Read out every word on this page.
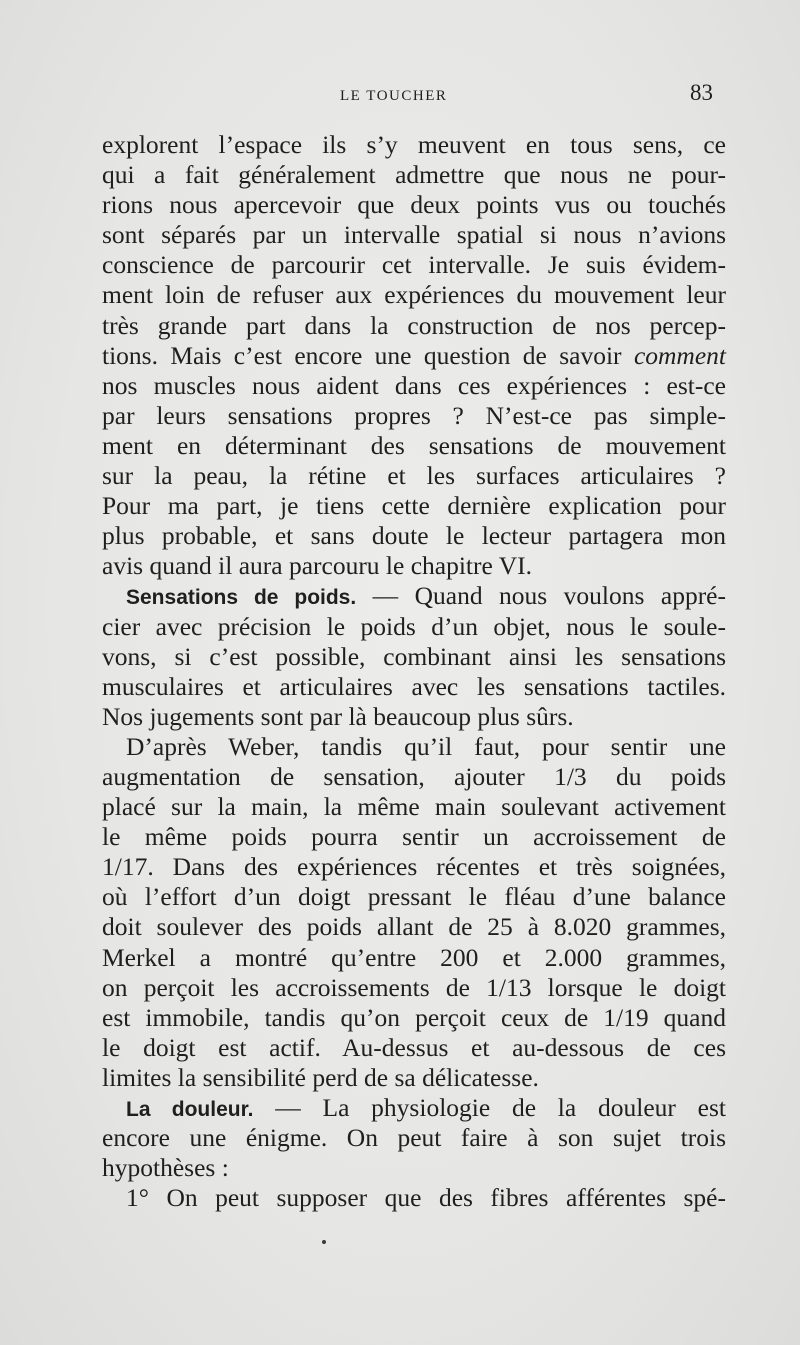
LE TOUCHER	83
explorent l’espace ils s’y meuvent en tous sens, ce
qui a fait généralement admettre que nous ne pour-
rions nous apercevoir que deux points vus ou touchés
sont séparés par un intervalle spatial si nous n’avions
conscience de parcourir cet intervalle. Je suis évidem-
ment loin de refuser aux expériences du mouvement leur
très grande part dans la construction de nos percep-
tions. Mais c’est encore une question de savoir comment
nos muscles nous aident dans ces expériences : est-ce
par leurs sensations propres ? N’est-ce pas simple-
ment en déterminant des sensations de mouvement
sur la peau, la rétine et les surfaces articulaires ?
Pour ma part, je tiens cette dernière explication pour
plus probable, et sans doute le lecteur partagera mon
avis quand il aura parcouru le chapitre VI.
Sensations de poids. — Quand nous voulons appré-
cier avec précision le poids d’un objet, nous le soule-
vons, si c’est possible, combinant ainsi les sensations
musculaires et articulaires avec les sensations tactiles.
Nos jugements sont par là beaucoup plus sûrs.
D’après Weber, tandis qu’il faut, pour sentir une
augmentation de sensation, ajouter 1/3 du poids
placé sur la main, la même main soulevant activement
le même poids pourra sentir un accroissement de
1/17. Dans des expériences récentes et très soignées,
où l’effort d’un doigt pressant le fléau d’une balance
doit soulever des poids allant de 25 à 8.020 grammes,
Merkel a montré qu’entre 200 et 2.000 grammes,
on perçoit les accroissements de 1/13 lorsque le doigt
est immobile, tandis qu’on perçoit ceux de 1/19 quand
le doigt est actif. Au-dessus et au-dessous de ces
limites la sensibilité perd de sa délicatesse.
La douleur. — La physiologie de la douleur est
encore une énigme. On peut faire à son sujet trois
hypothèses :
1° On peut supposer que des fibres afférentes spé-
